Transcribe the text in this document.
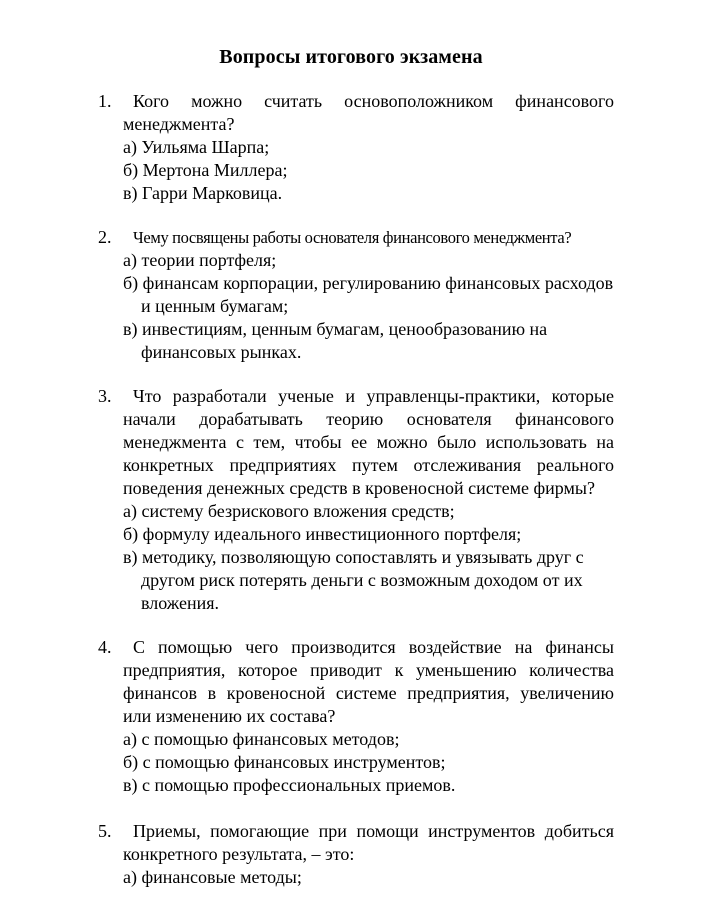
Вопросы итогового экзамена
1.	Кого можно считать основоположником финансового менеджмента?
а) Уильяма Шарпа;
б) Мертона Миллера;
в) Гарри Марковица.
2.	Чему посвящены работы основателя финансового менеджмента?
а) теории портфеля;
б) финансам корпорации, регулированию финансовых расходов и ценным бумагам;
в) инвестициям, ценным бумагам, ценообразованию на финансовых рынках.
3.	Что разработали ученые и управленцы-практики, которые начали дорабатывать теорию основателя финансового менеджмента с тем, чтобы ее можно было использовать на конкретных предприятиях путем отслеживания реального поведения денежных средств в кровеносной системе фирмы?
а) систему безрискового вложения средств;
б) формулу идеального инвестиционного портфеля;
в) методику, позволяющую сопоставлять и увязывать друг с другом риск потерять деньги с возможным доходом от их вложения.
4.	С помощью чего производится воздействие на финансы предприятия, которое приводит к уменьшению количества финансов в кровеносной системе предприятия, увеличению или изменению их состава?
а) с помощью финансовых методов;
б) с помощью финансовых инструментов;
в) с помощью профессиональных приемов.
5.	Приемы, помогающие при помощи инструментов добиться конкретного результата, – это:
а) финансовые методы;
